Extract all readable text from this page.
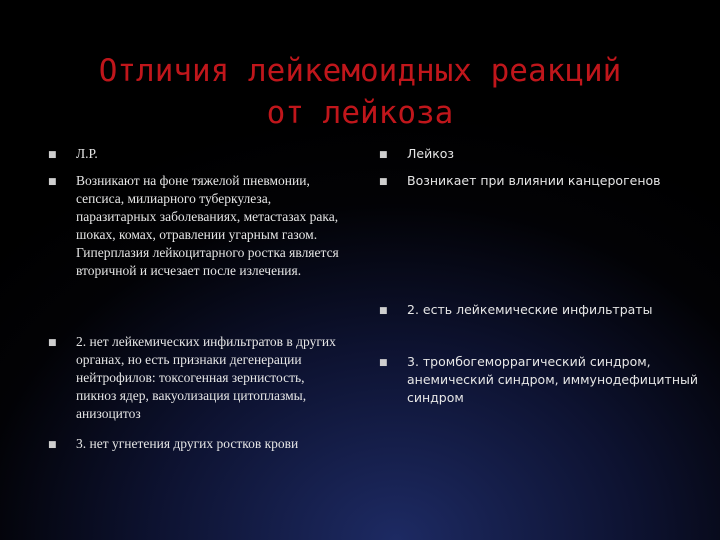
Отличия лейкемоидных реакций
от лейкоза
■ Л.Р.
■ Возникают на фоне тяжелой пневмонии, сепсиса, милиарного туберкулеза, паразитарных заболеваниях, метастазах рака, шоках, комах, отравлении угарным газом. Гиперплазия лейкоцитарного ростка является вторичной и исчезает после излечения.
■ 2. нет лейкемических инфильтратов в других органах, но есть признаки дегенерации нейтрофилов: токсогенная зернистость, пикноз ядер, вакуолизация цитоплазмы, анизоцитоз
■ 3. нет угнетения других ростков крови
■ Лейкоз
■ Возникает при влиянии канцерогенов
■ 2. есть лейкемические инфильтраты
■ 3. тромбогеморрагический синдром, анемический синдром, иммунодефицитный синдром
